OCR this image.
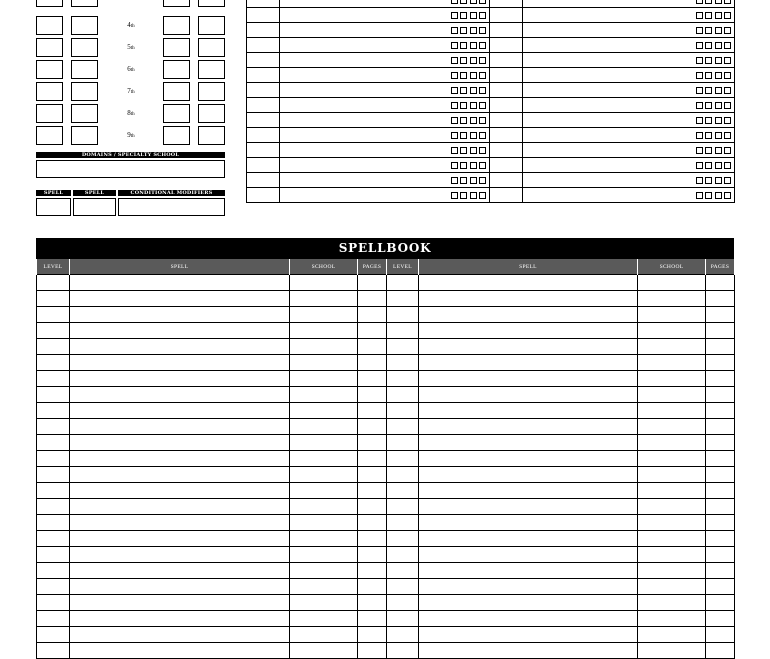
4th
5th
6th
7th
8th
9th
DOMAINS / SPECIALTY SCHOOL
SPELL	SPELL	CONDITIONAL MODIFIERS

SPELLBOOK
LEVEL	SPELL	SCHOOL	PAGES	LEVEL	SPELL	SCHOOL	PAGES
